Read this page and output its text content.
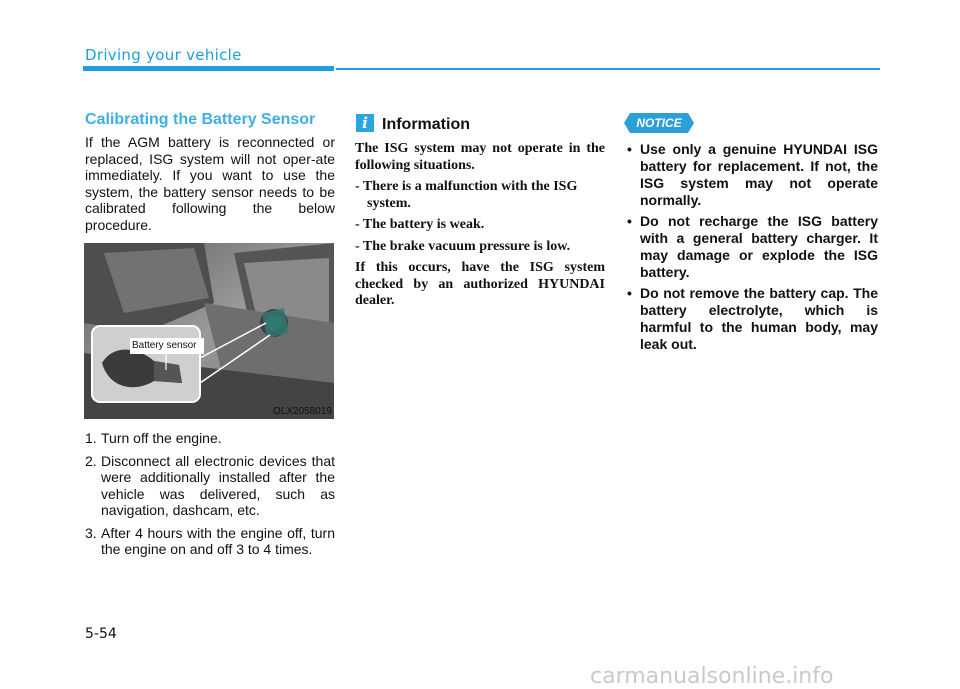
Driving your vehicle
Calibrating the Battery Sensor
If the AGM battery is reconnected or replaced, ISG system will not oper-ate immediately. If you want to use the system, the battery sensor needs to be calibrated following the below procedure.
Battery sensor
OLX2058019
1. Turn off the engine.
2. Disconnect all electronic devices that were additionally installed after the vehicle was delivered, such as navigation, dashcam, etc.
3. After 4 hours with the engine off, turn the engine on and off 3 to 4 times.
i Information

The ISG system may not operate in the following situations.

- There is a malfunction with the ISG system.

- The battery is weak.

- The brake vacuum pressure is low.

If this occurs, have the ISG system checked by an authorized HYUNDAI dealer.

NOTICE
• Use only a genuine HYUNDAI ISG battery for replacement. If not, the ISG system may not operate normally.
• Do not recharge the ISG battery with a general battery charger. It may damage or explode the ISG battery.
• Do not remove the battery cap. The battery electrolyte, which is harmful to the human body, may leak out.
5-54
carmanualsonline.info
